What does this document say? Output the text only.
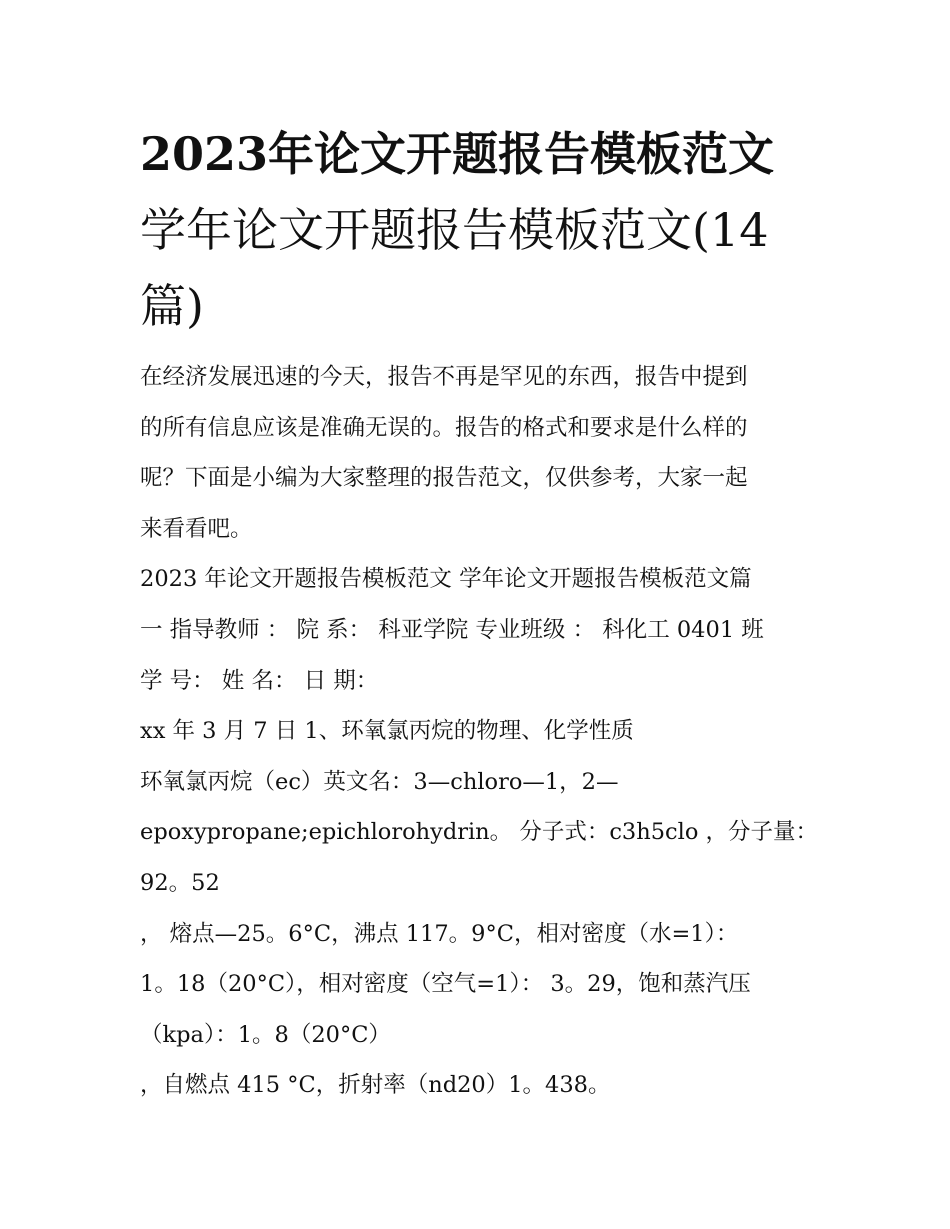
2023年论文开题报告模板范文
学年论文开题报告模板范文(14
篇)
在经济发展迅速的今天，报告不再是罕见的东西，报告中提到
的所有信息应该是准确无误的。报告的格式和要求是什么样的
呢？下面是小编为大家整理的报告范文，仅供参考，大家一起
来看看吧。
2023 年论文开题报告模板范文 学年论文开题报告模板范文篇
一 指导教师 ： 院 系： 科亚学院 专业班级 ： 科化工 0401 班
学 号： 姓 名： 日 期：
xx 年 3 月 7 日 1、环氧氯丙烷的物理、化学性质
环氧氯丙烷（ec）英文名：3—chloro—1，2—
epoxypropane;epichlorohydrin。 分子式：c3h5clo ，分子量：
92。52
， 熔点—25。6°C，沸点 117。9°C，相对密度（水=1）：
1。18（20°C），相对密度（空气=1）： 3。29，饱和蒸汽压
（kpa）：1。8（20°C）
，自燃点 415 °C，折射率（nd20）1。438。
